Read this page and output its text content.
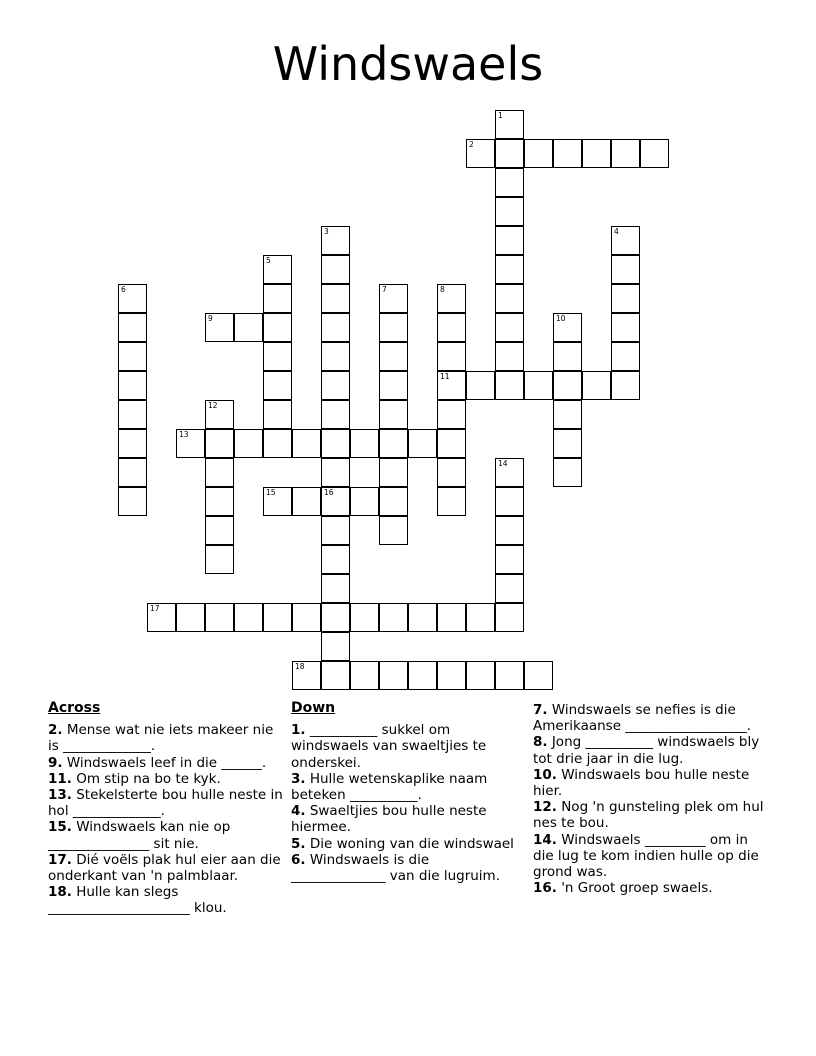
Windswaels
1
2
3	4
5
6	7	8
9	10
11
12
13
14
15	16
17
18
Across

2. Mense wat nie iets makeer nie is _____________.

9. Windswaels leef in die ______.

11. Om stip na bo te kyk.

13. Stekelsterte bou hulle neste in hol _____________.

15. Windswaels kan nie op _______________ sit nie.

17. Dié voëls plak hul eier aan die onderkant van 'n palmblaar.

18. Hulle kan slegs _____________________ klou.

Down

1. __________ sukkel om windswaels van swaeltjies te onderskei.

3. Hulle wetenskaplike naam beteken __________.

4. Swaeltjies bou hulle neste hiermee.

5. Die woning van die windswael

6. Windswaels is die ______________ van die lugruim.

7. Windswaels se nefies is die Amerikaanse __________________.

8. Jong __________ windswaels bly tot drie jaar in die lug.

10. Windswaels bou hulle neste hier.

12. Nog 'n gunsteling plek om hul nes te bou.

14. Windswaels _________ om in die lug te kom indien hulle op die grond was.

16. 'n Groot groep swaels.
